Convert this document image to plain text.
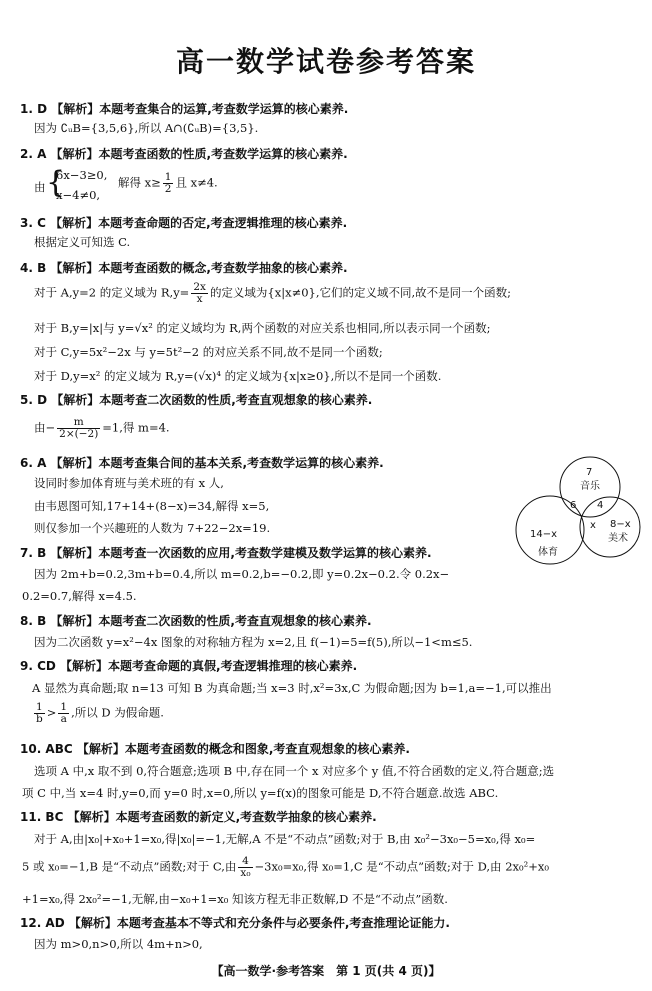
高一数学试卷参考答案
1. D 【解析】本题考查集合的运算,考查数学运算的核心素养.
因为 ∁ᵤB={3,5,6},所以 A∩(∁ᵤB)={3,5}.
2. A 【解析】本题考查函数的性质,考查数学运算的核心素养.
由 {
6x−3≥0,
x−4≠0,
解得 $x\ge \frac{1}{2}$ 且 x≠4.
3. C 【解析】本题考查命题的否定,考查逻辑推理的核心素养.
根据定义可知选 C.
4. B 【解析】本题考查函数的概念,考查数学抽象的核心素养.
对于 A,y=2 的定义域为 $R,y= \frac{2x}{x}$ 的定义域为{x|x≠0},它们的定义域不同,故不是同一个函数;
对于 B,y=|x|与 y=√x² 的定义域均为 R,两个函数的对应关系也相同,所以表示同一个函数;
对于 C,y=5x²−2x 与 y=5t²−2 的对应关系不同,故不是同一个函数;
对于 D,y=x² 的定义域为 R,y=(√x)⁴ 的定义域为{x|x≥0},所以不是同一个函数.
5. D 【解析】本题考查二次函数的性质,考查直观想象的核心素养.
由− $\frac{m}{2\times(-2)} =1$,得 m=4.
6. A 【解析】本题考查集合间的基本关系,考查数学运算的核心素养.
设同时参加体育班与美术班的有 x 人,
由韦恩图可知,17+14+(8−x)=34,解得 x=5,
则仅参加一个兴趣班的人数为 7+22−2x=19.
7
音乐
6 4
x
14−x
体育
8−x
美术
7. B 【解析】本题考查一次函数的应用,考查数学建模及数学运算的核心素养.
因为 2m+b=0.2,3m+b=0.4,所以 m=0.2,b=−0.2,即 y=0.2x−0.2.令 0.2x−
0.2=0.7,解得 x=4.5.
8. B 【解析】本题考查二次函数的性质,考查直观想象的核心素养.
因为二次函数 y=x²−4x 图象的对称轴方程为 x=2,且 f(−1)=5=f(5),所以−1<m≤5.
9. CD 【解析】本题考查命题的真假,考查逻辑推理的核心素养.
A 显然为真命题;取 n=13 可知 B 为真命题;当 x=3 时,x²=3x,C 为假命题;因为 b=1,a=−1,可以推出
$\frac{1}{b} > \frac{1}{a}$ ,所以 D 为假命题.
10. ABC 【解析】本题考查函数的概念和图象,考查直观想象的核心素养.
选项 A 中,x 取不到 0,符合题意;选项 B 中,存在同一个 x 对应多个 y 值,不符合函数的定义,符合题意;选
项 C 中,当 x=4 时,y=0,而 y=0 时,x=0,所以 y=f(x)的图象可能是 D,不符合题意.故选 ABC.
11. BC 【解析】本题考查函数的新定义,考查数学抽象的核心素养.
对于 A,由|x₀|+x₀+1=x₀,得|x₀|=−1,无解,A 不是“不动点”函数;对于 B,由 x₀²−3x₀−5=x₀,得 x₀=
5 或 x₀=−1,B 是“不动点”函数;对于 C,由 $\frac{4}{\text{x₀}} -3x_0=x_0$,得 x₀=1,C 是“不动点”函数;对于 D,由 2x₀²+x₀
+1=x₀,得 2x₀²=−1,无解,由−x₀+1=x₀ 知该方程无非正数解,D 不是“不动点”函数.
12. AD 【解析】本题考查基本不等式和充分条件与必要条件,考查推理论证能力.
因为 m>0,n>0,所以 4m+n>0,
【高一数学·参考答案　第 1 页(共 4 页)】
